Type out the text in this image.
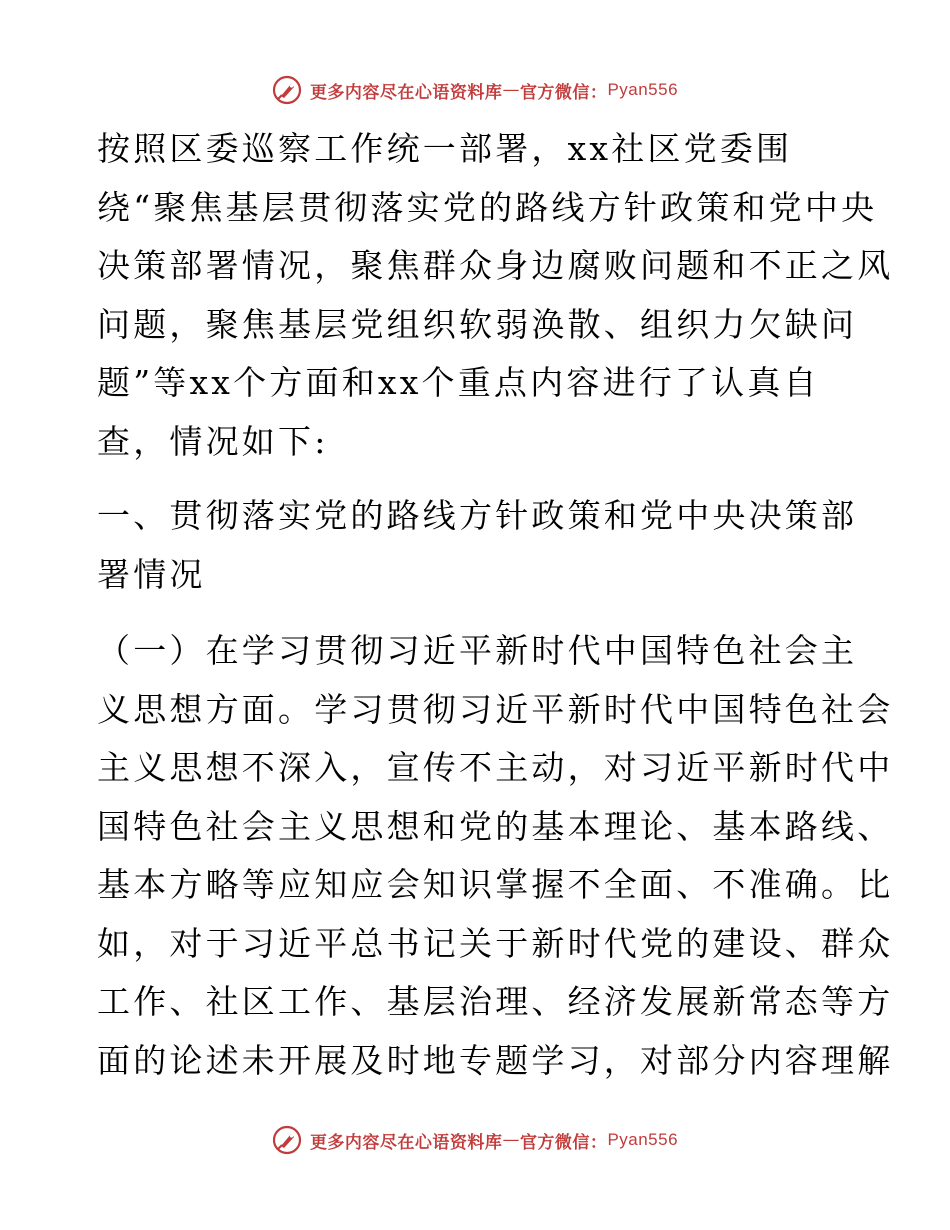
更多内容尽在心语资料库 — 官方微信： Pyan556

按照区委巡察工作统一部署，xx社区党委围
绕“聚焦基层贯彻落实党的路线方针政策和党中央
决策部署情况，聚焦群众身边腐败问题和不正之风
问题，聚焦基层党组织软弱涣散、组织力欠缺问
题”等xx个方面和xx个重点内容进行了认真自
查，情况如下:

一、贯彻落实党的路线方针政策和党中央决策部
署情况

（一）在学习贯彻习近平新时代中国特色社会主
义思想方面。学习贯彻习近平新时代中国特色社会
主义思想不深入，宣传不主动，对习近平新时代中
国特色社会主义思想和党的基本理论、基本路线、
基本方略等应知应会知识掌握不全面、不准确。比
如，对于习近平总书记关于新时代党的建设、群众
工作、社区工作、基层治理、经济发展新常态等方
面的论述未开展及时地专题学习，对部分内容理解

更多内容尽在心语资料库 — 官方微信： Pyan556
